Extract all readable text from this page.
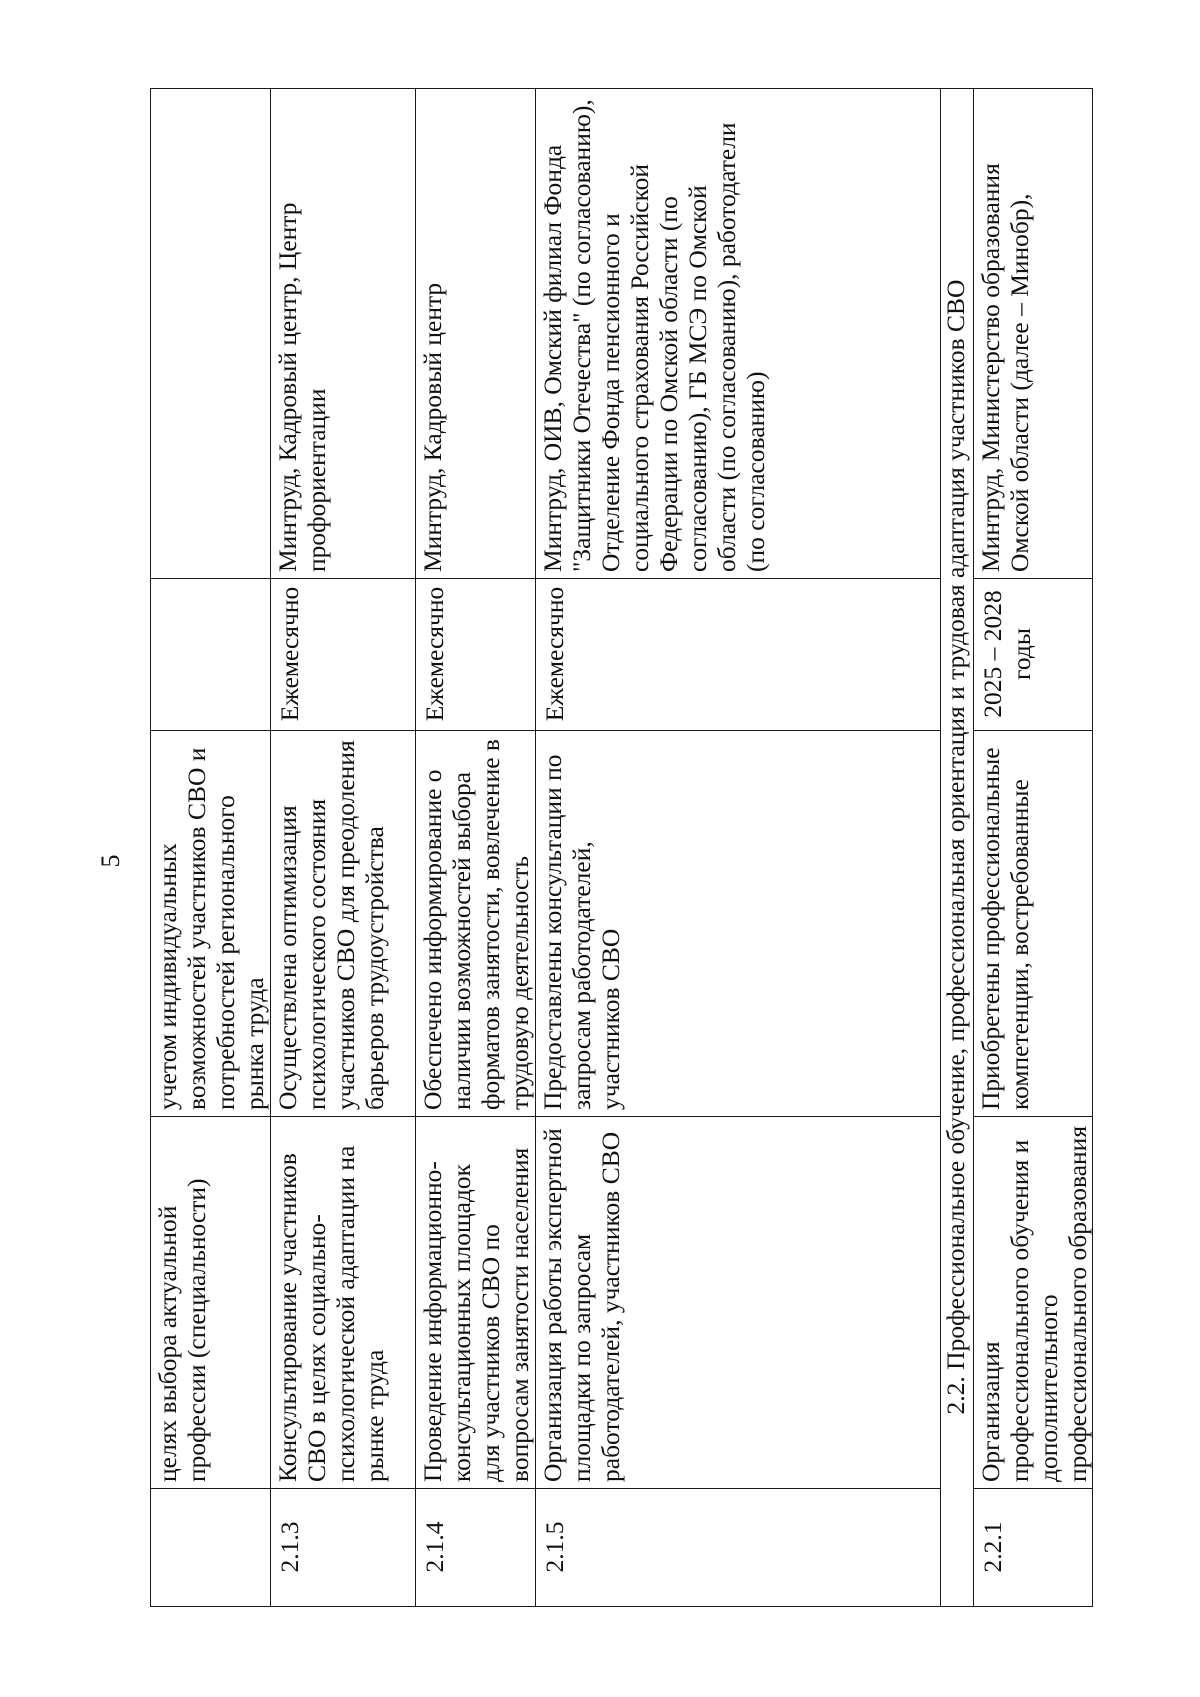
5
	целях выбора актуальной профессии (специальности)	учетом индивидуальных возможностей участников СВО и потребностей регионального рынка труда		
2.1.3	Консультирование участников СВО в целях социально-психологической адаптации на рынке труда	Осуществлена оптимизация психологического состояния участников СВО для преодоления барьеров трудоустройства	Ежемесячно	Минтруд, Кадровый центр, Центр профориентации
2.1.4	Проведение информационно-консультационных площадок для участников СВО по вопросам занятости населения	Обеспечено информирование о наличии возможностей выбора форматов занятости, вовлечение в трудовую деятельность	Ежемесячно	Минтруд, Кадровый центр
2.1.5	Организация работы экспертной площадки по запросам работодателей, участников СВО	Предоставлены консультации по запросам работодателей, участников СВО	Ежемесячно	Минтруд, ОИВ, Омский филиал Фонда "Защитники Отечества" (по согласованию), Отделение Фонда пенсионного и социального страхования Российской Федерации по Омской области (по согласованию), ГБ МСЭ по Омской области (по согласованию), работодатели (по согласованию)
2.2. Профессиональное обучение, профессиональная ориентация и трудовая адаптация участников СВО				
2.2.1	Организация профессионального обучения и дополнительного профессионального образования	Приобретены профессиональные компетенции, востребованные	2025 – 2028 годы	Минтруд, Министерство образования Омской области (далее – Минобр),
